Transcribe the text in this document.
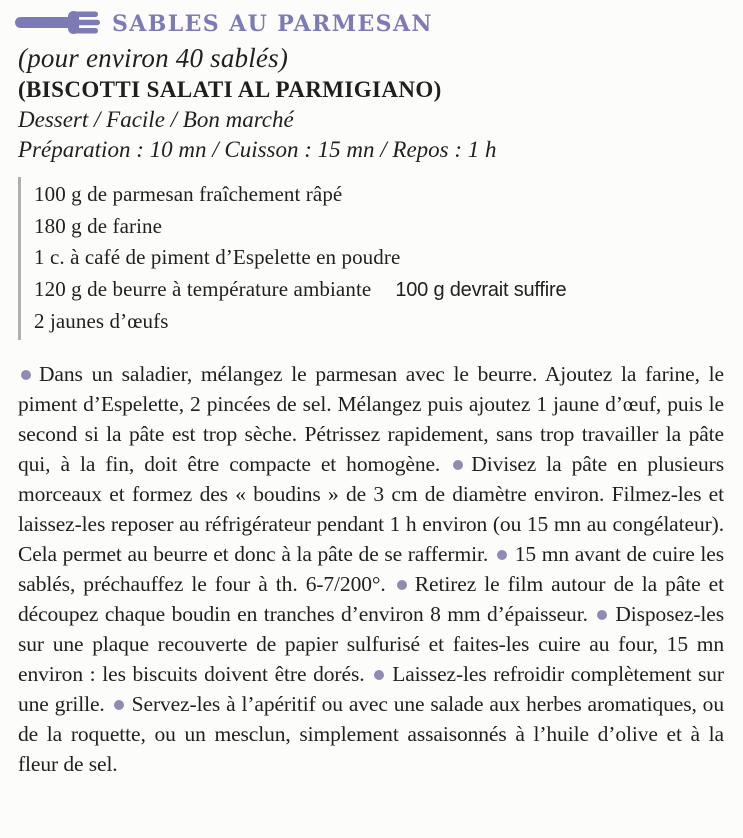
SABLES AU PARMESAN
(pour environ 40 sablés)
(BISCOTTI SALATI AL PARMIGIANO)
Dessert / Facile / Bon marché
Préparation : 10 mn / Cuisson : 15 mn / Repos : 1 h
100 g de parmesan fraîchement râpé
180 g de farine
1 c. à café de piment d’Espelette en poudre
120 g de beurre à température ambiante 100 g devrait suffire
2 jaunes d’œufs

Dans un saladier, mélangez le parmesan avec le beurre. Ajoutez la farine, le piment d’Espelette, 2 pincées de sel. Mélangez puis ajoutez 1 jaune d’œuf, puis le second si la pâte est trop sèche. Pétrissez rapidement, sans trop travailler la pâte qui, à la fin, doit être compacte et homogène. Divisez la pâte en plusieurs morceaux et formez des « boudins » de 3 cm de diamètre environ. Filmez-les et laissez-les reposer au réfrigérateur pendant 1 h environ (ou 15 mn au congélateur). Cela permet au beurre et donc à la pâte de se raffermir. 15 mn avant de cuire les sablés, préchauffez le four à th. 6-7/200°. Retirez le film autour de la pâte et découpez chaque boudin en tranches d’environ 8 mm d’épaisseur. Disposez-les sur une plaque recouverte de papier sulfurisé et faites-les cuire au four, 15 mn environ : les biscuits doivent être dorés. Laissez-les refroidir complètement sur une grille. Servez-les à l’apéritif ou avec une salade aux herbes aromatiques, ou de la roquette, ou un mesclun, simplement assaisonnés à l’huile d’olive et à la fleur de sel.
